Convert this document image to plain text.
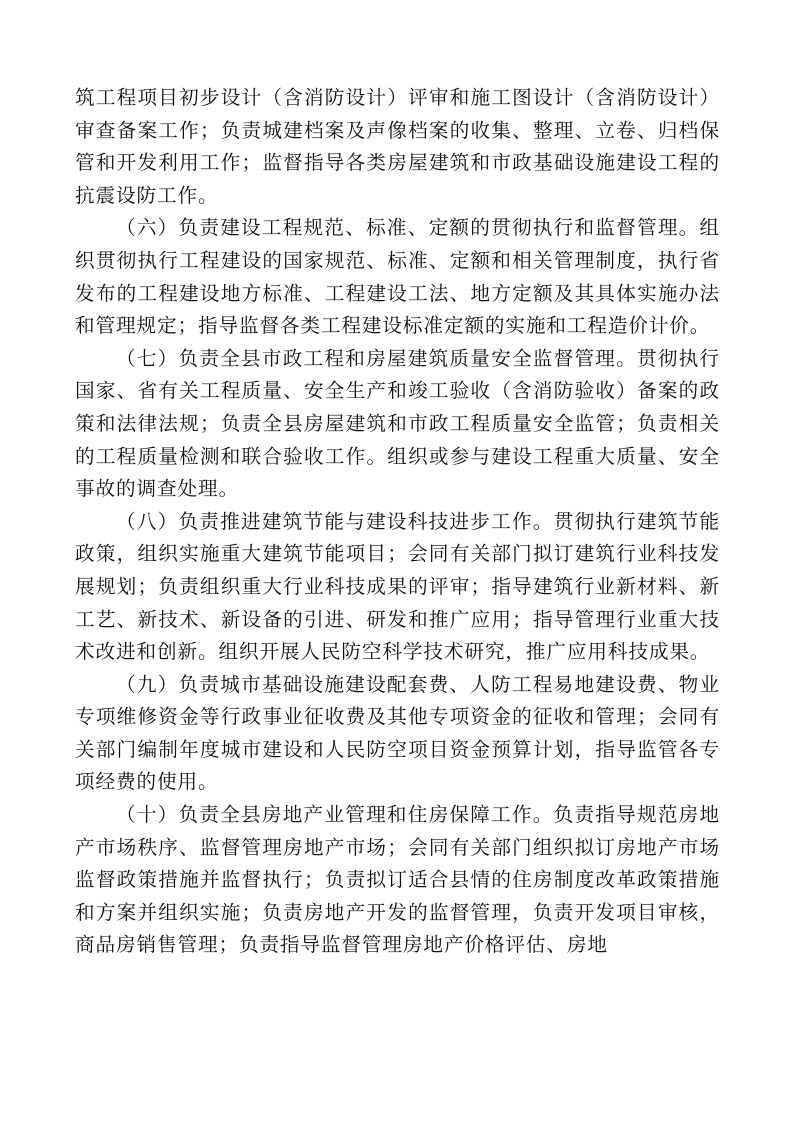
筑工程项目初步设计（含消防设计）评审和施工图设计（含消防设计）审查备案工作；负责城建档案及声像档案的收集、整理、立卷、归档保管和开发利用工作；监督指导各类房屋建筑和市政基础设施建设工程的抗震设防工作。

（六）负责建设工程规范、标准、定额的贯彻执行和监督管理。组织贯彻执行工程建设的国家规范、标准、定额和相关管理制度，执行省发布的工程建设地方标准、工程建设工法、地方定额及其具体实施办法和管理规定；指导监督各类工程建设标准定额的实施和工程造价计价。

（七）负责全县市政工程和房屋建筑质量安全监督管理。贯彻执行国家、省有关工程质量、安全生产和竣工验收（含消防验收）备案的政策和法律法规；负责全县房屋建筑和市政工程质量安全监管；负责相关的工程质量检测和联合验收工作。组织或参与建设工程重大质量、安全事故的调查处理。

（八）负责推进建筑节能与建设科技进步工作。贯彻执行建筑节能政策，组织实施重大建筑节能项目；会同有关部门拟订建筑行业科技发展规划；负责组织重大行业科技成果的评审；指导建筑行业新材料、新工艺、新技术、新设备的引进、研发和推广应用；指导管理行业重大技术改进和创新。组织开展人民防空科学技术研究，推广应用科技成果。

（九）负责城市基础设施建设配套费、人防工程易地建设费、物业专项维修资金等行政事业征收费及其他专项资金的征收和管理；会同有关部门编制年度城市建设和人民防空项目资金预算计划，指导监管各专项经费的使用。

（十）负责全县房地产业管理和住房保障工作。负责指导规范房地产市场秩序、监督管理房地产市场；会同有关部门组织拟订房地产市场监督政策措施并监督执行；负责拟订适合县情的住房制度改革政策措施和方案并组织实施；负责房地产开发的监督管理，负责开发项目审核，商品房销售管理；负责指导监督管理房地产价格评估、房地
